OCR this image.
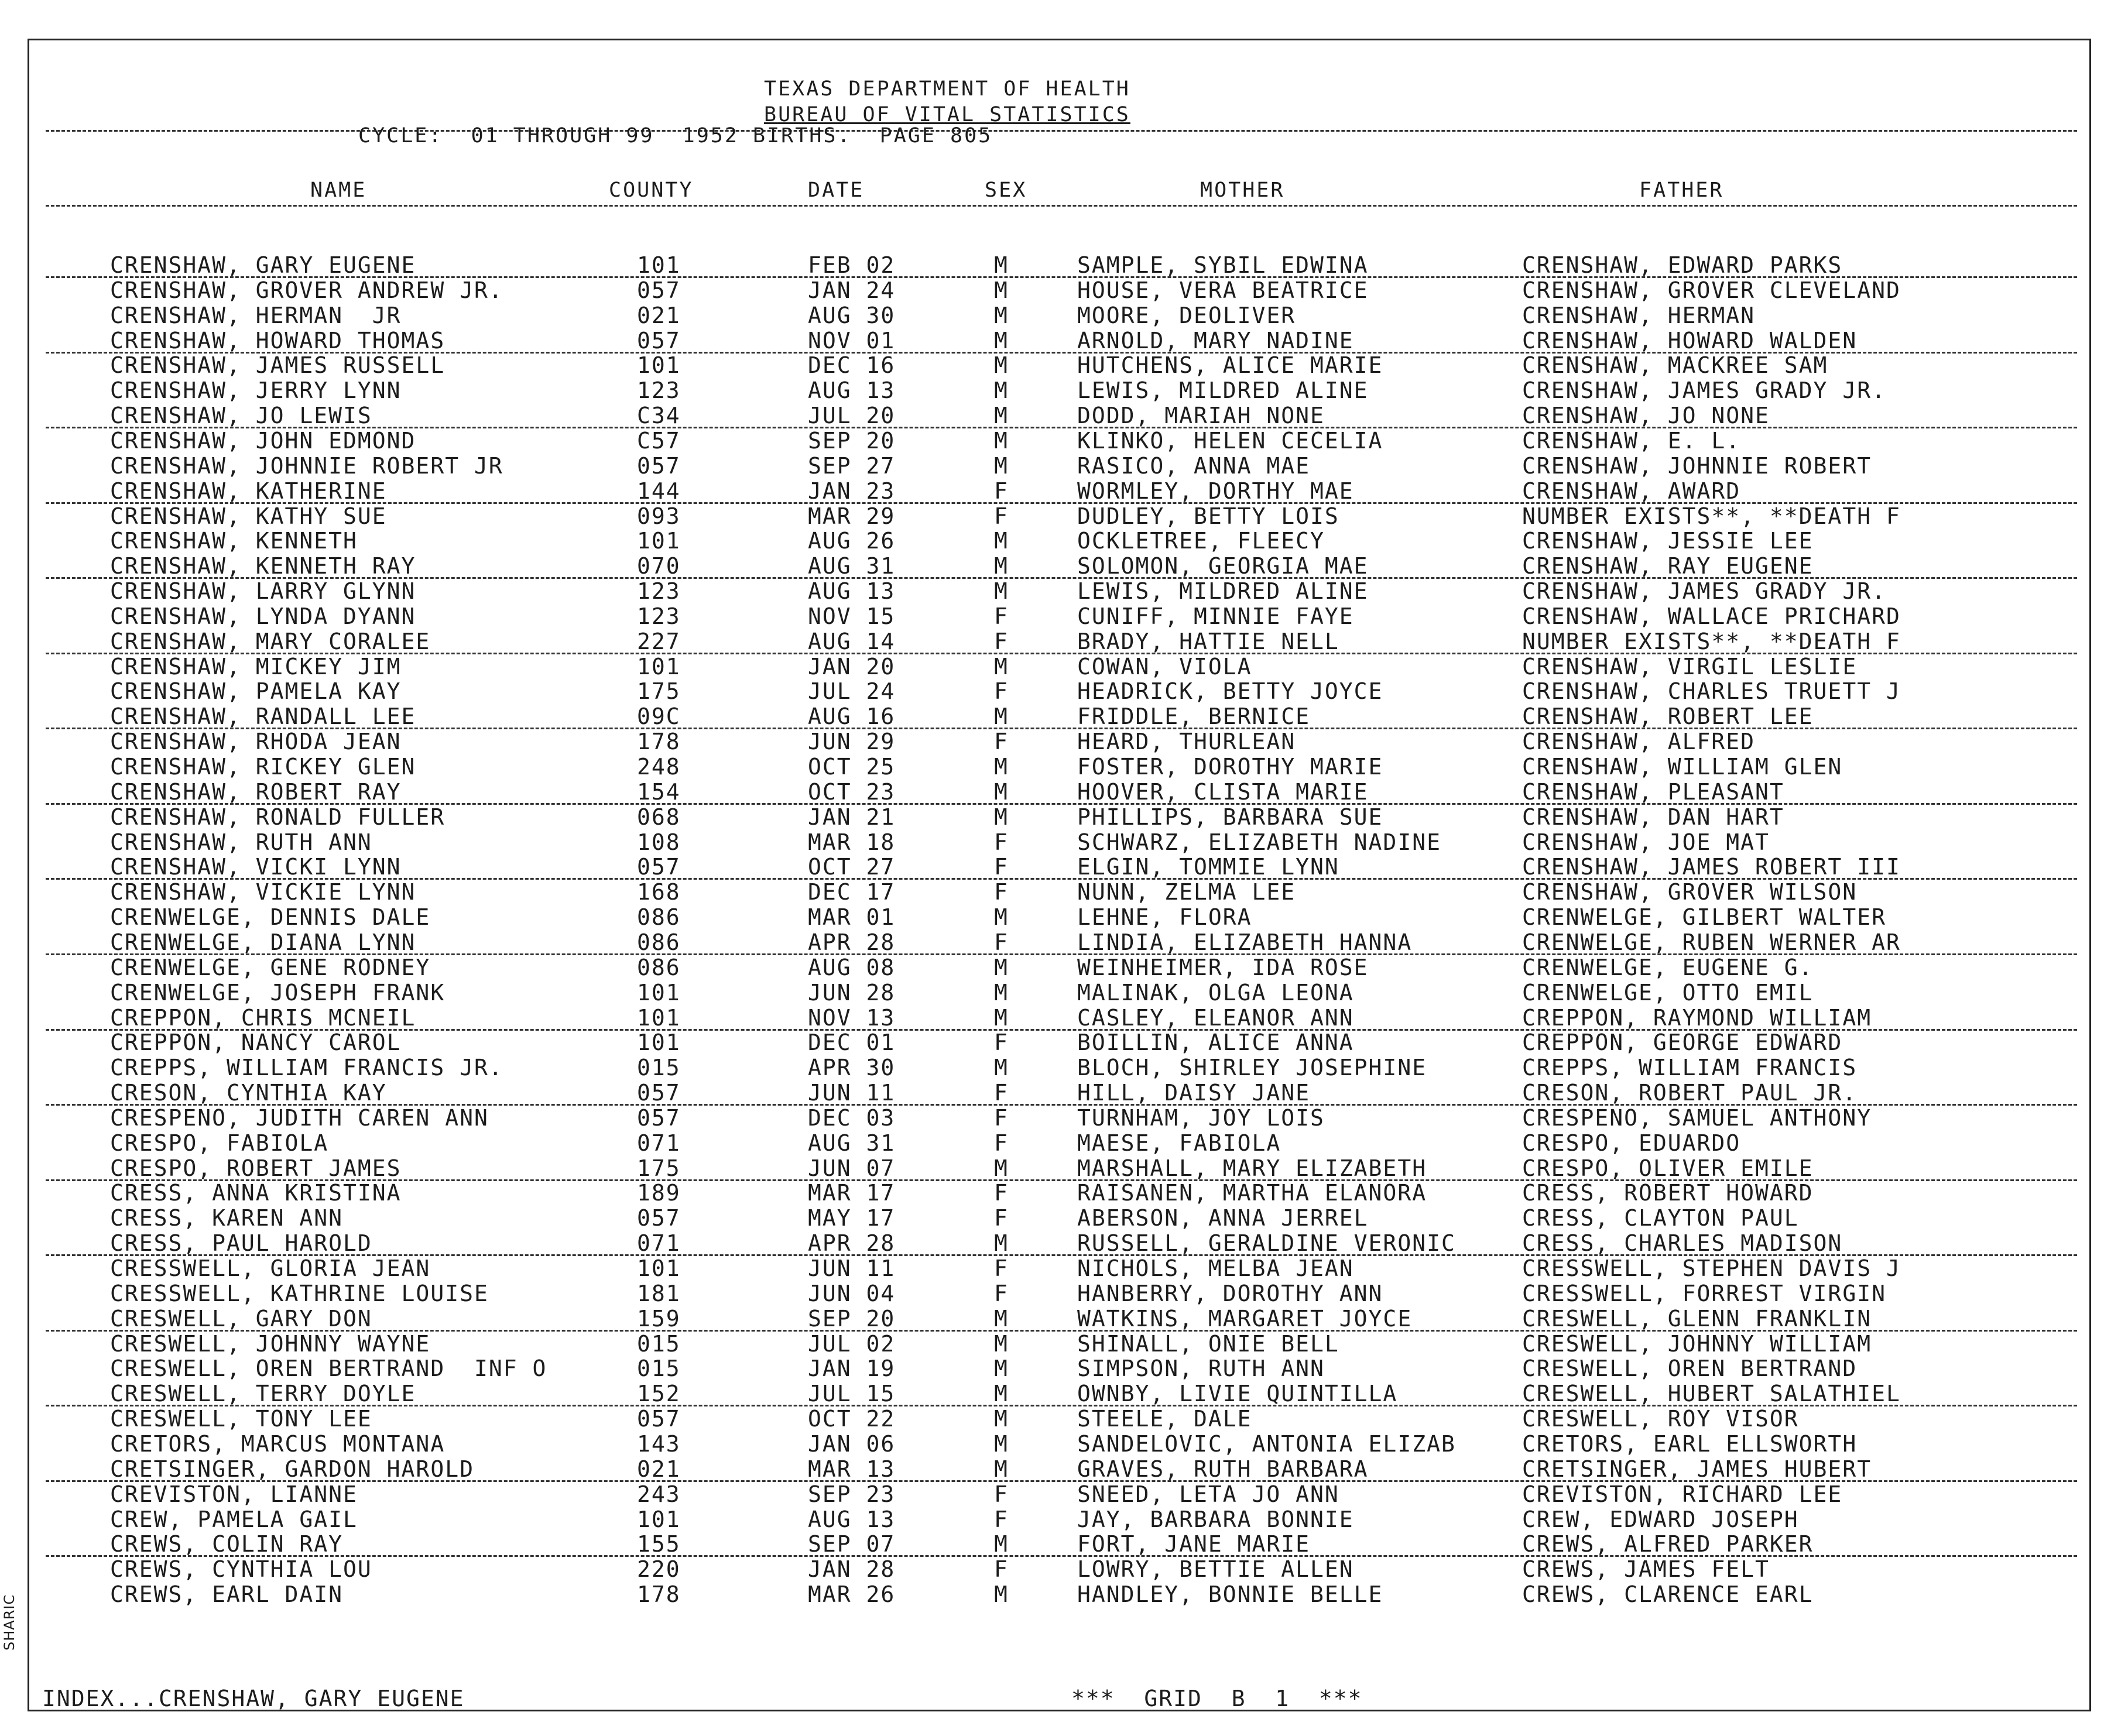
TEXAS DEPARTMENT OF HEALTH
BUREAU OF VITAL STATISTICS
CYCLE:  01 THROUGH 99  1952 BIRTHS.  PAGE 805
NAME	COUNTY	DATE	SEX	MOTHER	FATHER
CRENSHAW, GARY EUGENE	101	FEB 02	M	SAMPLE, SYBIL EDWINA	CRENSHAW, EDWARD PARKS
CRENSHAW, GROVER ANDREW JR.	057	JAN 24	M	HOUSE, VERA BEATRICE	CRENSHAW, GROVER CLEVELAND
CRENSHAW, HERMAN  JR	021	AUG 30	M	MOORE, DEOLIVER	CRENSHAW, HERMAN
CRENSHAW, HOWARD THOMAS	057	NOV 01	M	ARNOLD, MARY NADINE	CRENSHAW, HOWARD WALDEN
CRENSHAW, JAMES RUSSELL	101	DEC 16	M	HUTCHENS, ALICE MARIE	CRENSHAW, MACKREE SAM
CRENSHAW, JERRY LYNN	123	AUG 13	M	LEWIS, MILDRED ALINE	CRENSHAW, JAMES GRADY JR.
CRENSHAW, JO LEWIS	C34	JUL 20	M	DODD, MARIAH NONE	CRENSHAW, JO NONE
CRENSHAW, JOHN EDMOND	C57	SEP 20	M	KLINKO, HELEN CECELIA	CRENSHAW, E. L.
CRENSHAW, JOHNNIE ROBERT JR	057	SEP 27	M	RASICO, ANNA MAE	CRENSHAW, JOHNNIE ROBERT
CRENSHAW, KATHERINE	144	JAN 23	F	WORMLEY, DORTHY MAE	CRENSHAW, AWARD
CRENSHAW, KATHY SUE	093	MAR 29	F	DUDLEY, BETTY LOIS	NUMBER EXISTS**, **DEATH F
CRENSHAW, KENNETH	101	AUG 26	M	OCKLETREE, FLEECY	CRENSHAW, JESSIE LEE
CRENSHAW, KENNETH RAY	070	AUG 31	M	SOLOMON, GEORGIA MAE	CRENSHAW, RAY EUGENE
CRENSHAW, LARRY GLYNN	123	AUG 13	M	LEWIS, MILDRED ALINE	CRENSHAW, JAMES GRADY JR.
CRENSHAW, LYNDA DYANN	123	NOV 15	F	CUNIFF, MINNIE FAYE	CRENSHAW, WALLACE PRICHARD
CRENSHAW, MARY CORALEE	227	AUG 14	F	BRADY, HATTIE NELL	NUMBER EXISTS**, **DEATH F
CRENSHAW, MICKEY JIM	101	JAN 20	M	COWAN, VIOLA	CRENSHAW, VIRGIL LESLIE
CRENSHAW, PAMELA KAY	175	JUL 24	F	HEADRICK, BETTY JOYCE	CRENSHAW, CHARLES TRUETT J
CRENSHAW, RANDALL LEE	09C	AUG 16	M	FRIDDLE, BERNICE	CRENSHAW, ROBERT LEE
CRENSHAW, RHODA JEAN	178	JUN 29	F	HEARD, THURLEAN	CRENSHAW, ALFRED
CRENSHAW, RICKEY GLEN	248	OCT 25	M	FOSTER, DOROTHY MARIE	CRENSHAW, WILLIAM GLEN
CRENSHAW, ROBERT RAY	154	OCT 23	M	HOOVER, CLISTA MARIE	CRENSHAW, PLEASANT
CRENSHAW, RONALD FULLER	068	JAN 21	M	PHILLIPS, BARBARA SUE	CRENSHAW, DAN HART
CRENSHAW, RUTH ANN	108	MAR 18	F	SCHWARZ, ELIZABETH NADINE	CRENSHAW, JOE MAT
CRENSHAW, VICKI LYNN	057	OCT 27	F	ELGIN, TOMMIE LYNN	CRENSHAW, JAMES ROBERT III
CRENSHAW, VICKIE LYNN	168	DEC 17	F	NUNN, ZELMA LEE	CRENSHAW, GROVER WILSON
CRENWELGE, DENNIS DALE	086	MAR 01	M	LEHNE, FLORA	CRENWELGE, GILBERT WALTER
CRENWELGE, DIANA LYNN	086	APR 28	F	LINDIA, ELIZABETH HANNA	CRENWELGE, RUBEN WERNER AR
CRENWELGE, GENE RODNEY	086	AUG 08	M	WEINHEIMER, IDA ROSE	CRENWELGE, EUGENE G.
CRENWELGE, JOSEPH FRANK	101	JUN 28	M	MALINAK, OLGA LEONA	CRENWELGE, OTTO EMIL
CREPPON, CHRIS MCNEIL	101	NOV 13	M	CASLEY, ELEANOR ANN	CREPPON, RAYMOND WILLIAM
CREPPON, NANCY CAROL	101	DEC 01	F	BOILLIN, ALICE ANNA	CREPPON, GEORGE EDWARD
CREPPS, WILLIAM FRANCIS JR.	015	APR 30	M	BLOCH, SHIRLEY JOSEPHINE	CREPPS, WILLIAM FRANCIS
CRESON, CYNTHIA KAY	057	JUN 11	F	HILL, DAISY JANE	CRESON, ROBERT PAUL JR.
CRESPENO, JUDITH CAREN ANN	057	DEC 03	F	TURNHAM, JOY LOIS	CRESPENO, SAMUEL ANTHONY
CRESPO, FABIOLA	071	AUG 31	F	MAESE, FABIOLA	CRESPO, EDUARDO
CRESPO, ROBERT JAMES	175	JUN 07	M	MARSHALL, MARY ELIZABETH	CRESPO, OLIVER EMILE
CRESS, ANNA KRISTINA	189	MAR 17	F	RAISANEN, MARTHA ELANORA	CRESS, ROBERT HOWARD
CRESS, KAREN ANN	057	MAY 17	F	ABERSON, ANNA JERREL	CRESS, CLAYTON PAUL
CRESS, PAUL HAROLD	071	APR 28	M	RUSSELL, GERALDINE VERONIC	CRESS, CHARLES MADISON
CRESSWELL, GLORIA JEAN	101	JUN 11	F	NICHOLS, MELBA JEAN	CRESSWELL, STEPHEN DAVIS J
CRESSWELL, KATHRINE LOUISE	181	JUN 04	F	HANBERRY, DOROTHY ANN	CRESSWELL, FORREST VIRGIN
CRESWELL, GARY DON	159	SEP 20	M	WATKINS, MARGARET JOYCE	CRESWELL, GLENN FRANKLIN
CRESWELL, JOHNNY WAYNE	015	JUL 02	M	SHINALL, ONIE BELL	CRESWELL, JOHNNY WILLIAM
CRESWELL, OREN BERTRAND  INF O	015	JAN 19	M	SIMPSON, RUTH ANN	CRESWELL, OREN BERTRAND
CRESWELL, TERRY DOYLE	152	JUL 15	M	OWNBY, LIVIE QUINTILLA	CRESWELL, HUBERT SALATHIEL
CRESWELL, TONY LEE	057	OCT 22	M	STEELE, DALE	CRESWELL, ROY VISOR
CRETORS, MARCUS MONTANA	143	JAN 06	M	SANDELOVIC, ANTONIA ELIZAB	CRETORS, EARL ELLSWORTH
CRETSINGER, GARDON HAROLD	021	MAR 13	M	GRAVES, RUTH BARBARA	CRETSINGER, JAMES HUBERT
CREVISTON, LIANNE	243	SEP 23	F	SNEED, LETA JO ANN	CREVISTON, RICHARD LEE
CREW, PAMELA GAIL	101	AUG 13	F	JAY, BARBARA BONNIE	CREW, EDWARD JOSEPH
CREWS, COLIN RAY	155	SEP 07	M	FORT, JANE MARIE	CREWS, ALFRED PARKER
CREWS, CYNTHIA LOU	220	JAN 28	F	LOWRY, BETTIE ALLEN	CREWS, JAMES FELT
CREWS, EARL DAIN	178	MAR 26	M	HANDLEY, BONNIE BELLE	CREWS, CLARENCE EARL
INDEX...CRENSHAW, GARY EUGENE	***  GRID  B  1  ***
SHARIC
